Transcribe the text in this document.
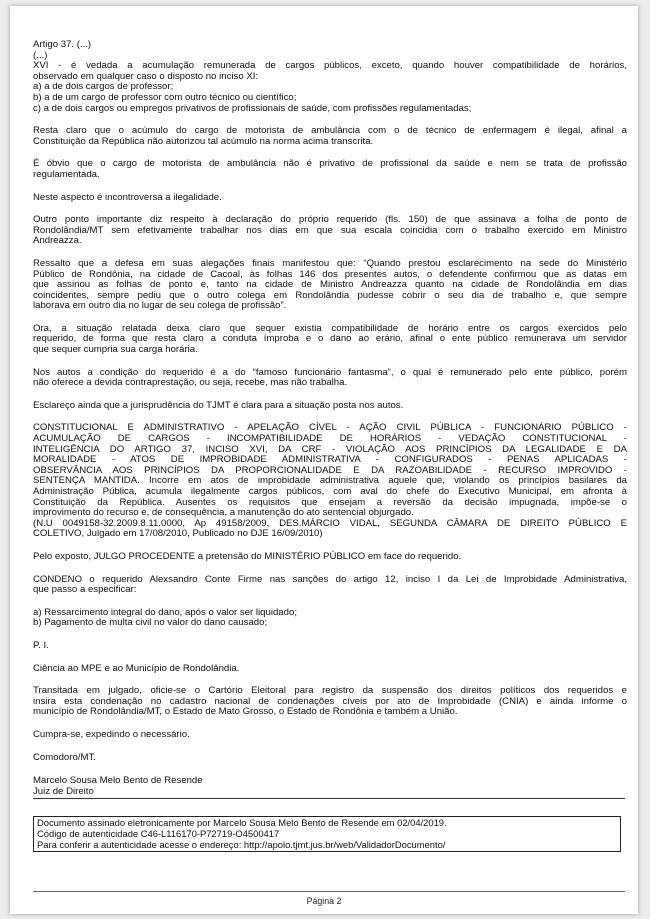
Artigo 37. (...)
(...)
XVI - é vedada a acumulação remunerada de cargos públicos, exceto, quando houver compatibilidade de horários,
observado em qualquer caso o disposto no inciso XI:
a) a de dois cargos de professor;
b) a de um cargo de professor com outro técnico ou científico;
c) a de dois cargos ou empregos privativos de profissionais de saúde, com profissões regulamentadas;
Resta claro que o acúmulo do cargo de motorista de ambulância com o de técnico de enfermagem é ilegal, afinal a
Constituição da República não autorizou tal acúmulo na norma acima transcrita.
É óbvio que o cargo de motorista de ambulância não é privativo de profissional da saúde e nem se trata de profissão
regulamentada.
Neste aspecto é incontroversa a ilegalidade.
Outro ponto importante diz respeito à declaração do próprio requerido (fls. 150) de que assinava a folha de ponto de
Rondolândia/MT sem efetivamente trabalhar nos dias em que sua escala coincidia com o trabalho exercido em Ministro
Andreazza.
Ressalto que a defesa em suas alegações finais manifestou que: “Quando prestou esclarecimento na sede do Ministério
Público de Rondônia, na cidade de Cacoal, às folhas 146 dos presentes autos, o defendente confirmou que as datas em
que assinou as folhas de ponto e, tanto na cidade de Ministro Andreazza quanto na cidade de Rondolândia em dias
coincidentes, sempre pediu que o outro colega em Rondolândia pudesse cobrir o seu dia de trabalho e, que sempre
laborava em outro dia no lugar de seu colega de profissão”.
Ora, a situação relatada deixa claro que sequer existia compatibilidade de horário entre os cargos exercidos pelo
requerido, de forma que resta claro a conduta ímproba e o dano ao erário, afinal o ente público remunerava um servidor
que sequer cumpria sua carga horária.
Nos autos a condição do requerido é a do “famoso funcionário fantasma”, o qual é remunerado pelo ente público, porém
não oferece a devida contraprestação, ou seja, recebe, mas não trabalha.
Esclareço ainda que a jurisprudência do TJMT é clara para a situação posta nos autos.
CONSTITUCIONAL E ADMINISTRATIVO - APELAÇÃO CÍVEL - AÇÃO CIVIL PÚBLICA - FUNCIONÁRIO PÚBLICO -
ACUMULAÇÃO DE CARGOS - INCOMPATIBILIDADE DE HORÁRIOS - VEDAÇÃO CONSTITUCIONAL -
INTELIGÊNCIA DO ARTIGO 37, INCISO XVI, DA CRF - VIOLAÇÃO AOS PRINCÍPIOS DA LEGALIDADE E DA
MORALIDADE - ATOS DE IMPROBIDADE ADMINISTRATIVA - CONFIGURADOS - PENAS APLICADAS -
OBSERVÂNCIA AOS PRINCÍPIOS DA PROPORCIONALIDADE E DA RAZOABILIDADE - RECURSO IMPROVIDO -
SENTENÇA MANTIDA. Incorre em atos de improbidade administrativa aquele que, violando os princípios basilares da
Administração Pública, acumula ilegalmente cargos públicos, com aval do chefe do Executivo Municipal, em afronta à
Constituição da República. Ausentes os requisitos que ensejam a reversão da decisão impugnada, impõe-se o
improvimento do recurso e, de consequência, a manutenção do ato sentencial objurgado.
(N.U 0049158-32.2009.8.11.0000, Ap 49158/2009, DES.MÁRCIO VIDAL, SEGUNDA CÂMARA DE DIREITO PÚBLICO E
COLETIVO, Julgado em 17/08/2010, Publicado no DJE 16/09/2010)
Pelo exposto, JULGO PROCEDENTE a pretensão do MINISTÉRIO PÚBLICO em face do requerido.
CONDENO o requerido Alexsandro Conte Firme nas sanções do artigo 12, inciso I da Lei de Improbidade Administrativa,
que passo a especificar:
a) Ressarcimento integral do dano, após o valor ser liquidado;
b) Pagamento de multa civil no valor do dano causado;
P. I.
Ciência ao MPE e ao Município de Rondolândia.
Transitada em julgado, oficie-se o Cartório Eleitoral para registro da suspensão dos direitos políticos dos requeridos e
insira esta condenação no cadastro nacional de condenações cíveis por ato de Improbidade (CNIA) e ainda informe o
município de Rondolândia/MT, o Estado de Mato Grosso, o Estado de Rondônia e também a União.
Cumpra-se, expedindo o necessário.
Comodoro/MT.
Marcelo Sousa Melo Bento de Resende
Juiz de Direito
Documento assinado eletronicamente por Marcelo Sousa Melo Bento de Resende em 02/04/2019.
Código de autenticidade C46-L116170-P72719-O4500417
Para conferir a autenticidade acesse o endereço: http://apolo.tjmt.jus.br/web/ValidadorDocumento/
Página 2
